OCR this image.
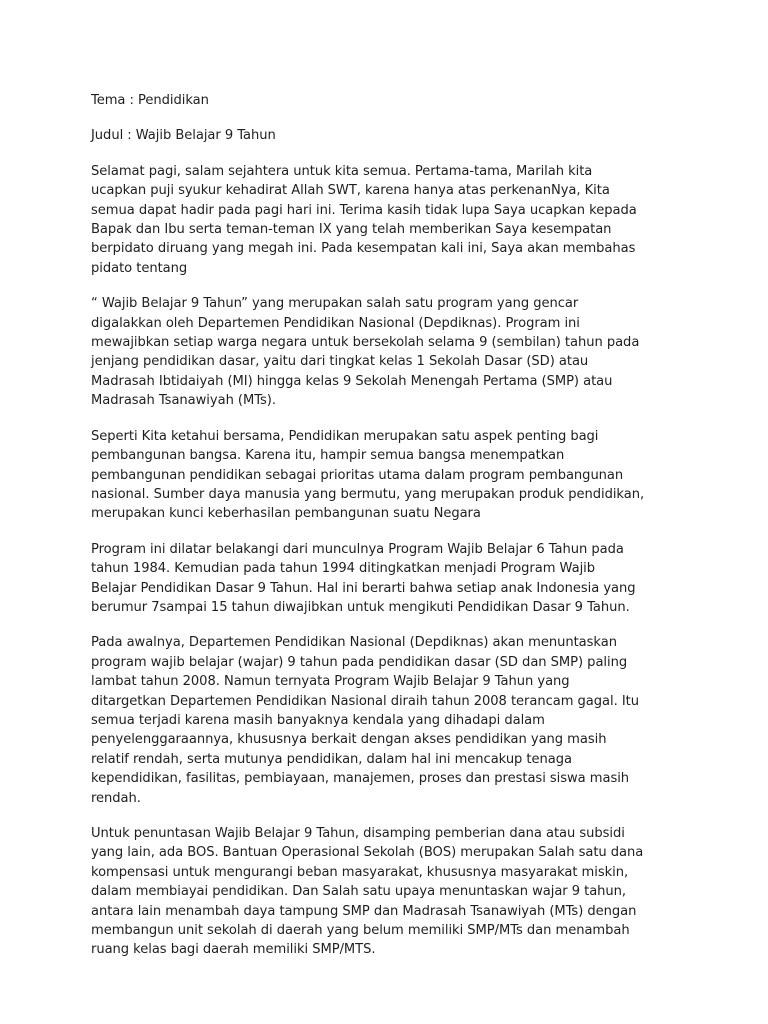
Tema : Pendidikan

Judul : Wajib Belajar 9 Tahun

Selamat pagi, salam sejahtera untuk kita semua. Pertama-tama, Marilah kita
ucapkan puji syukur kehadirat Allah SWT, karena hanya atas perkenanNya, Kita
semua dapat hadir pada pagi hari ini. Terima kasih tidak lupa Saya ucapkan kepada
Bapak dan Ibu serta teman-teman IX yang telah memberikan Saya kesempatan
berpidato diruang yang megah ini. Pada kesempatan kali ini, Saya akan membahas
pidato tentang

“ Wajib Belajar 9 Tahun” yang merupakan salah satu program yang gencar
digalakkan oleh Departemen Pendidikan Nasional (Depdiknas). Program ini
mewajibkan setiap warga negara untuk bersekolah selama 9 (sembilan) tahun pada
jenjang pendidikan dasar, yaitu dari tingkat kelas 1 Sekolah Dasar (SD) atau
Madrasah Ibtidaiyah (MI) hingga kelas 9 Sekolah Menengah Pertama (SMP) atau
Madrasah Tsanawiyah (MTs).

Seperti Kita ketahui bersama, Pendidikan merupakan satu aspek penting bagi
pembangunan bangsa. Karena itu, hampir semua bangsa menempatkan
pembangunan pendidikan sebagai prioritas utama dalam program pembangunan
nasional. Sumber daya manusia yang bermutu, yang merupakan produk pendidikan,
merupakan kunci keberhasilan pembangunan suatu Negara

Program ini dilatar belakangi dari munculnya Program Wajib Belajar 6 Tahun pada
tahun 1984. Kemudian pada tahun 1994 ditingkatkan menjadi Program Wajib
Belajar Pendidikan Dasar 9 Tahun. Hal ini berarti bahwa setiap anak Indonesia yang
berumur 7sampai 15 tahun diwajibkan untuk mengikuti Pendidikan Dasar 9 Tahun.

Pada awalnya, Departemen Pendidikan Nasional (Depdiknas) akan menuntaskan
program wajib belajar (wajar) 9 tahun pada pendidikan dasar (SD dan SMP) paling
lambat tahun 2008. Namun ternyata Program Wajib Belajar 9 Tahun yang
ditargetkan Departemen Pendidikan Nasional diraih tahun 2008 terancam gagal. Itu
semua terjadi karena masih banyaknya kendala yang dihadapi dalam
penyelenggaraannya, khususnya berkait dengan akses pendidikan yang masih
relatif rendah, serta mutunya pendidikan, dalam hal ini mencakup tenaga
kependidikan, fasilitas, pembiayaan, manajemen, proses dan prestasi siswa masih
rendah.

Untuk penuntasan Wajib Belajar 9 Tahun, disamping pemberian dana atau subsidi
yang lain, ada BOS. Bantuan Operasional Sekolah (BOS) merupakan Salah satu dana
kompensasi untuk mengurangi beban masyarakat, khususnya masyarakat miskin,
dalam membiayai pendidikan. Dan Salah satu upaya menuntaskan wajar 9 tahun,
antara lain menambah daya tampung SMP dan Madrasah Tsanawiyah (MTs) dengan
membangun unit sekolah di daerah yang belum memiliki SMP/MTs dan menambah
ruang kelas bagi daerah memiliki SMP/MTS.
